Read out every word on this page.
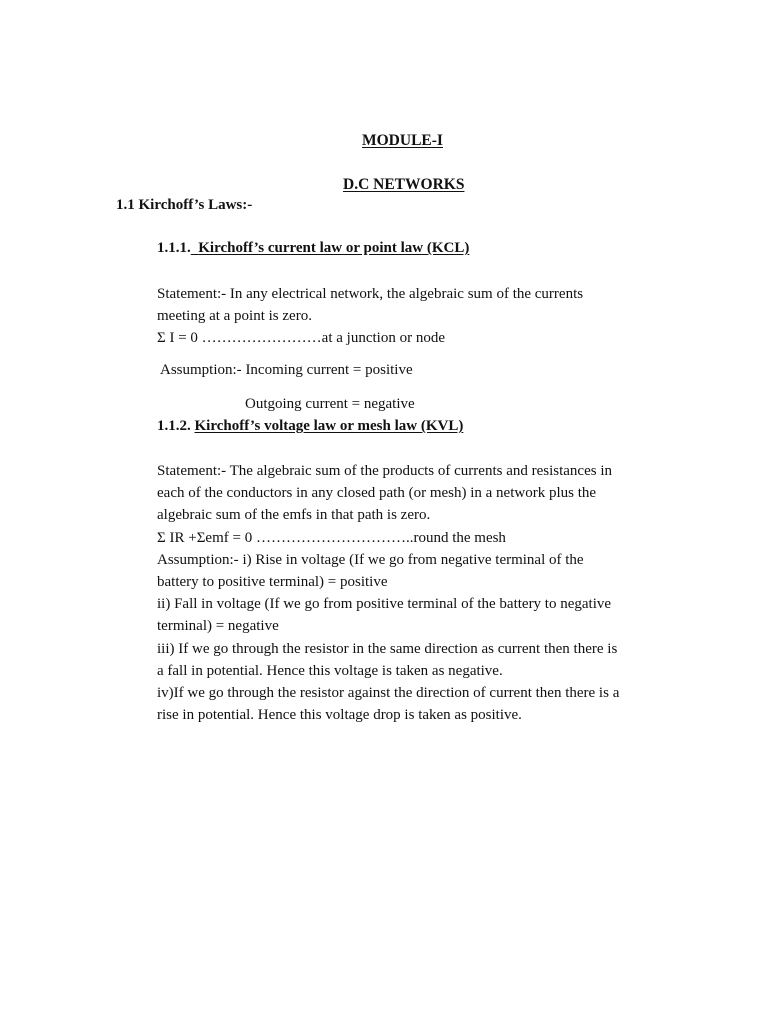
MODULE-I
D.C NETWORKS
1.1 Kirchoff’s Laws:-
1.1.1. Kirchoff’s current law or point law (KCL)
Statement:- In any electrical network, the algebraic sum of the currents
meeting at a point is zero.
Σ I = 0 ……………………at a junction or node
Assumption:- Incoming current = positive
Outgoing current = negative
1.1.2. Kirchoff’s voltage law or mesh law (KVL)
Statement:- The algebraic sum of the products of currents and resistances in
each of the conductors in any closed path (or mesh) in a network plus the
algebraic sum of the emfs in that path is zero.
Σ IR +Σemf = 0 …………………………..round the mesh
Assumption:- i) Rise in voltage (If we go from negative terminal of the
battery to positive terminal) = positive
ii) Fall in voltage (If we go from positive terminal of the battery to negative
terminal) = negative
iii) If we go through the resistor in the same direction as current then there is
a fall in potential. Hence this voltage is taken as negative.
iv)If we go through the resistor against the direction of current then there is a
rise in potential. Hence this voltage drop is taken as positive.
